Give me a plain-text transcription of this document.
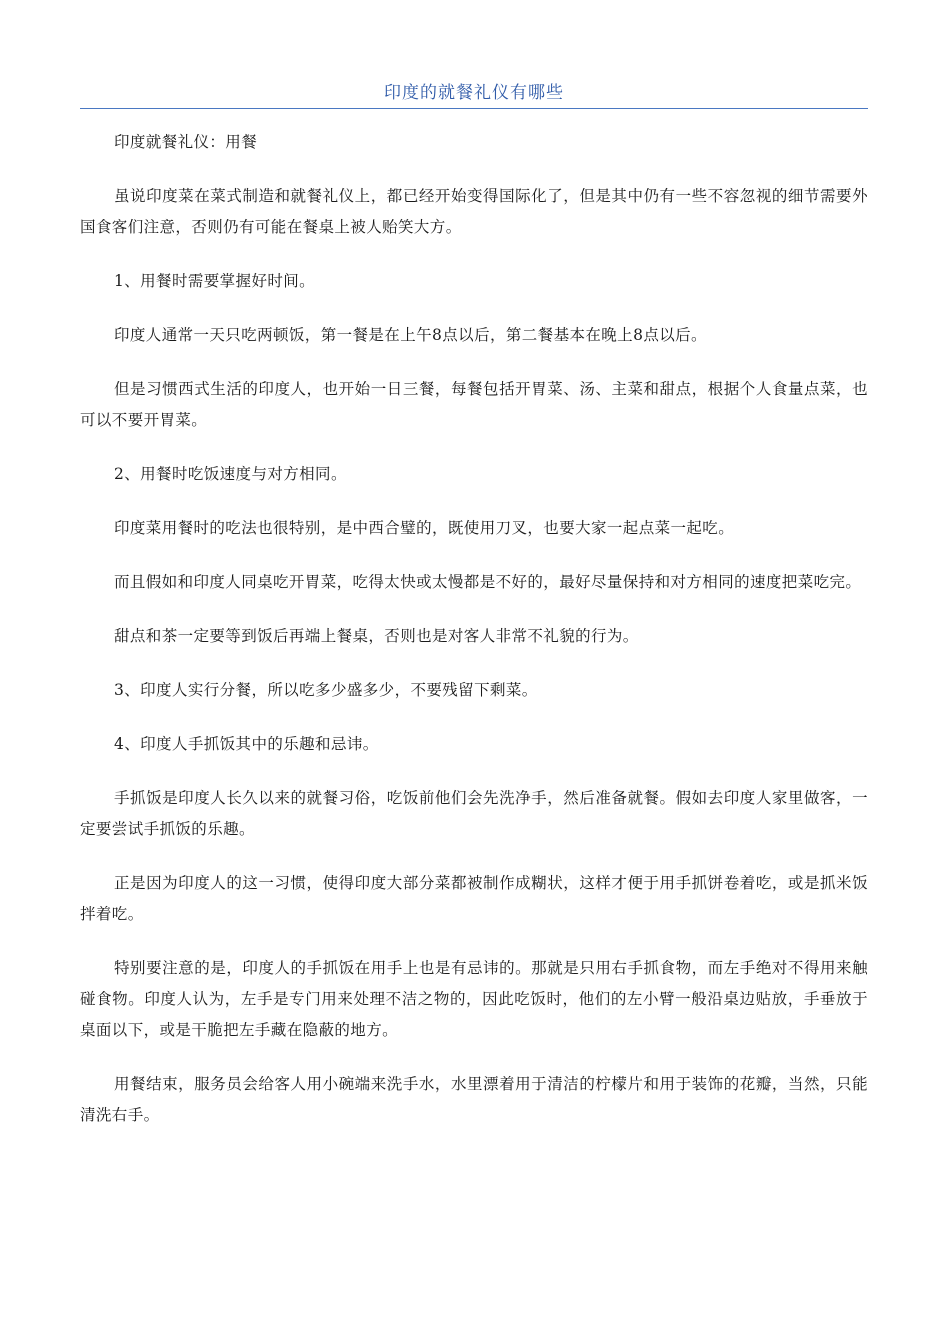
印度的就餐礼仪有哪些

印度就餐礼仪：用餐

虽说印度菜在菜式制造和就餐礼仪上，都已经开始变得国际化了，但是其中仍有一些不容忽视的细节需要外国食客们注意，否则仍有可能在餐桌上被人贻笑大方。

1、用餐时需要掌握好时间。

印度人通常一天只吃两顿饭，第一餐是在上午8点以后，第二餐基本在晚上8点以后。

但是习惯西式生活的印度人，也开始一日三餐，每餐包括开胃菜、汤、主菜和甜点，根据个人食量点菜，也可以不要开胃菜。

2、用餐时吃饭速度与对方相同。

印度菜用餐时的吃法也很特别，是中西合璧的，既使用刀叉，也要大家一起点菜一起吃。

而且假如和印度人同桌吃开胃菜，吃得太快或太慢都是不好的，最好尽量保持和对方相同的速度把菜吃完。

甜点和茶一定要等到饭后再端上餐桌，否则也是对客人非常不礼貌的行为。

3、印度人实行分餐，所以吃多少盛多少，不要残留下剩菜。

4、印度人手抓饭其中的乐趣和忌讳。

手抓饭是印度人长久以来的就餐习俗，吃饭前他们会先洗净手，然后准备就餐。假如去印度人家里做客，一定要尝试手抓饭的乐趣。

正是因为印度人的这一习惯，使得印度大部分菜都被制作成糊状，这样才便于用手抓饼卷着吃，或是抓米饭拌着吃。

特别要注意的是，印度人的手抓饭在用手上也是有忌讳的。那就是只用右手抓食物，而左手绝对不得用来触碰食物。印度人认为，左手是专门用来处理不洁之物的，因此吃饭时，他们的左小臂一般沿桌边贴放，手垂放于桌面以下，或是干脆把左手藏在隐蔽的地方。

用餐结束，服务员会给客人用小碗端来洗手水，水里漂着用于清洁的柠檬片和用于装饰的花瓣，当然，只能清洗右手。
